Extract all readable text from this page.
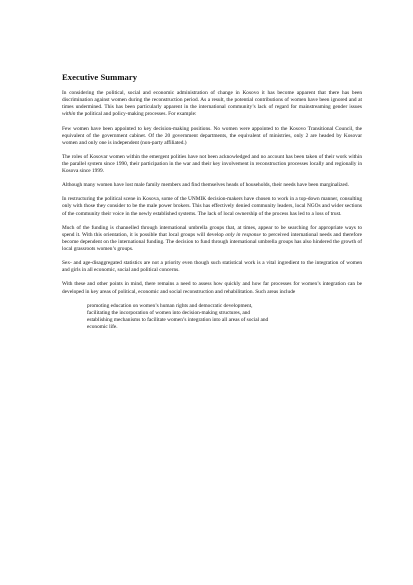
Executive Summary

In considering the political, social and economic administration of change in Kosovo it has become apparent that there has been discrimination against women during the reconstruction period. As a result, the potential contributions of women have been ignored and at times undermined. This has been particularly apparent in the international community’s lack of regard for mainstreaming gender issues within the political and policy-making processes. For example:

Few women have been appointed to key decision-making positions. No women were appointed to the Kosovo Transitional Council, the equivalent of the government cabinet. Of the 20 government departments, the equivalent of ministries, only 2 are headed by Kosovar women and only one is independent (non-party affiliated.)

The roles of Kosovar women within the emergent polities have not been acknowledged and no account has been taken of their work within the parallel system since 1990, their participation in the war and their key involvement in reconstruction processes locally and regionally in Kosova since 1999.

Although many women have lost male family members and find themselves heads of households, their needs have been marginalized.

In restructuring the political scene in Kosova, some of the UNMIK decision-makers have chosen to work in a top-down manner, consulting only with those they consider to be the male power brokers. This has effectively denied community leaders, local NGOs and wider sections of the community their voice in the newly established systems. The lack of local ownership of the process has led to a loss of trust.

Much of the funding is channelled through international umbrella groups that, at times, appear to be searching for appropriate ways to spend it. With this orientation, it is possible that local groups will develop only in response to perceived international needs and therefore become dependent on the international funding. The decision to fund through international umbrella groups has also hindered the growth of local grassroots women’s groups.

Sex- and age-disaggregated statistics are not a priority even though such statistical work is a vital ingredient to the integration of women and girls in all economic, social and political concerns.

With these and other points in mind, there remains a need to assess how quickly and how far processes for women’s integration can be developed in key areas of political, economic and social reconstruction and rehabilitation. Such areas include

promoting education on women’s human rights and democratic development,
facilitating the incorporation of women into decision-making structures, and
establishing mechanisms to facilitate women’s integration into all areas of social and
economic life.
